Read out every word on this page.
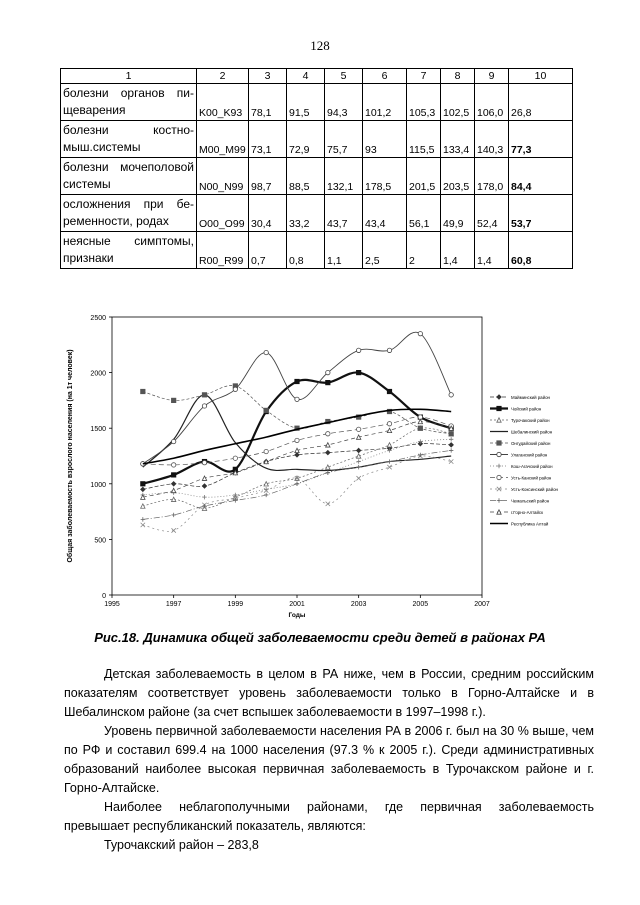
128
1	2	3	4	5	6	7	8	9	10
болезни органов пи-щеварения	K00_K93	78,1	91,5	94,3	101,2	105,3	102,5	106,0	26,8
болезни костно-мыш.системы	M00_M99	73,1	72,9	75,7	93	115,5	133,4	140,3	77,3
болезни мочеполовой системы	N00_N99	98,7	88,5	132,1	178,5	201,5	203,5	178,0	84,4
осложнения при бе-ременности, родах	O00_O99	30,4	33,2	43,7	43,4	56,1	49,9	52,4	53,7
неясные симптомы, признаки	R00_R99	0,7	0,8	1,1	2,5	2	1,4	1,4	60,8
0
500
1000
1500
2000
2500
1995	1997	1999	2001	2003	2005	2007
Годы
Общая заболеваемость взрослого населения (на 1т человек)	Майминский район
Чойский район
Турочакский район
Шебалинский район
Онгудайский район
Улаганский район
Кош-Агачский район
Усть-Канский район
Усть-Коксинский район
Чемальский район
г.Горно-Алтайск
Республика Алтай
Рис.18. Динамика общей заболеваемости среди детей в районах РА

Детская заболеваемость в целом в РА ниже, чем в России, средним российским показателям соответствует уровень заболеваемости только в Горно-Алтайске и в Шебалинском районе (за счет вспышек заболеваемости в 1997–1998 г.).

Уровень первичной заболеваемости населения РА в 2006 г. был на 30 % выше, чем по РФ и составил 699.4 на 1000 населения (97.3 % к 2005 г.). Среди административных образований наиболее высокая первичная заболеваемость в Турочакском районе и г. Горно-Алтайске.

Наиболее неблагополучными районами, где первичная заболеваемость превышает республиканский показатель, являются:

Турочакский район – 283,8
